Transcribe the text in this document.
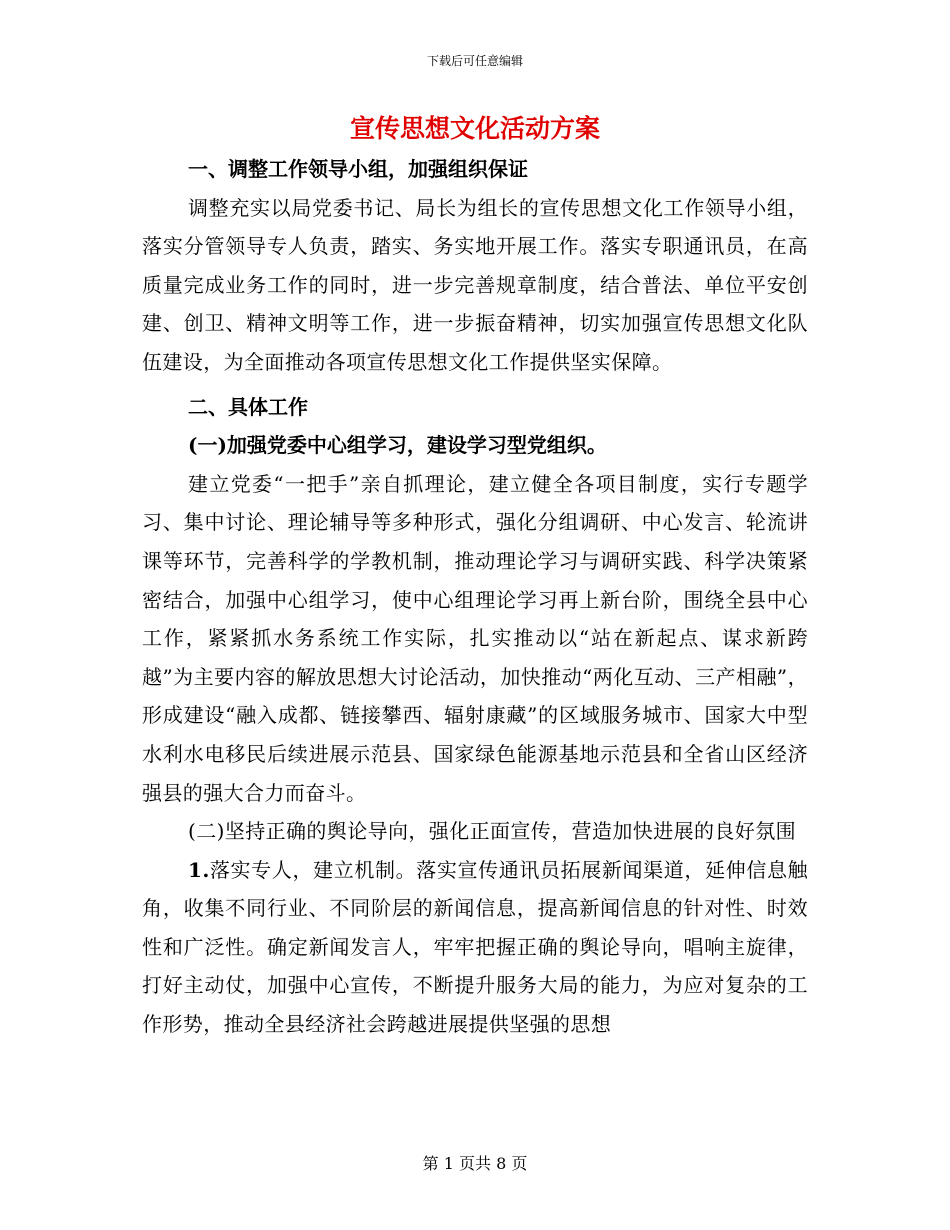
下载后可任意编辑
宣传思想文化活动方案

一、调整工作领导小组，加强组织保证

调整充实以局党委书记、局长为组长的宣传思想文化工作领导小组，落实分管领导专人负责，踏实、务实地开展工作。落实专职通讯员，在高质量完成业务工作的同时，进一步完善规章制度，结合普法、单位平安创建、创卫、精神文明等工作，进一步振奋精神，切实加强宣传思想文化队伍建设，为全面推动各项宣传思想文化工作提供坚实保障。

二、具体工作

(一)加强党委中心组学习，建设学习型党组织。

建立党委“一把手”亲自抓理论，建立健全各项目制度，实行专题学习、集中讨论、理论辅导等多种形式，强化分组调研、中心发言、轮流讲课等环节，完善科学的学教机制，推动理论学习与调研实践、科学决策紧密结合，加强中心组学习，使中心组理论学习再上新台阶，围绕全县中心工作，紧紧抓水务系统工作实际，扎实推动以“站在新起点、谋求新跨越”为主要内容的解放思想大讨论活动，加快推动“两化互动、三产相融”，形成建设“融入成都、链接攀西、辐射康藏”的区域服务城市、国家大中型水利水电移民后续进展示范县、国家绿色能源基地示范县和全省山区经济强县的强大合力而奋斗。

(二)坚持正确的舆论导向，强化正面宣传，营造加快进展的良好氛围

1.落实专人，建立机制。落实宣传通讯员拓展新闻渠道，延伸信息触角，收集不同行业、不同阶层的新闻信息，提高新闻信息的针对性、时效性和广泛性。确定新闻发言人，牢牢把握正确的舆论导向，唱响主旋律，打好主动仗，加强中心宣传，不断提升服务大局的能力，为应对复杂的工作形势，推动全县经济社会跨越进展提供坚强的思想

第 1 页共 8 页
